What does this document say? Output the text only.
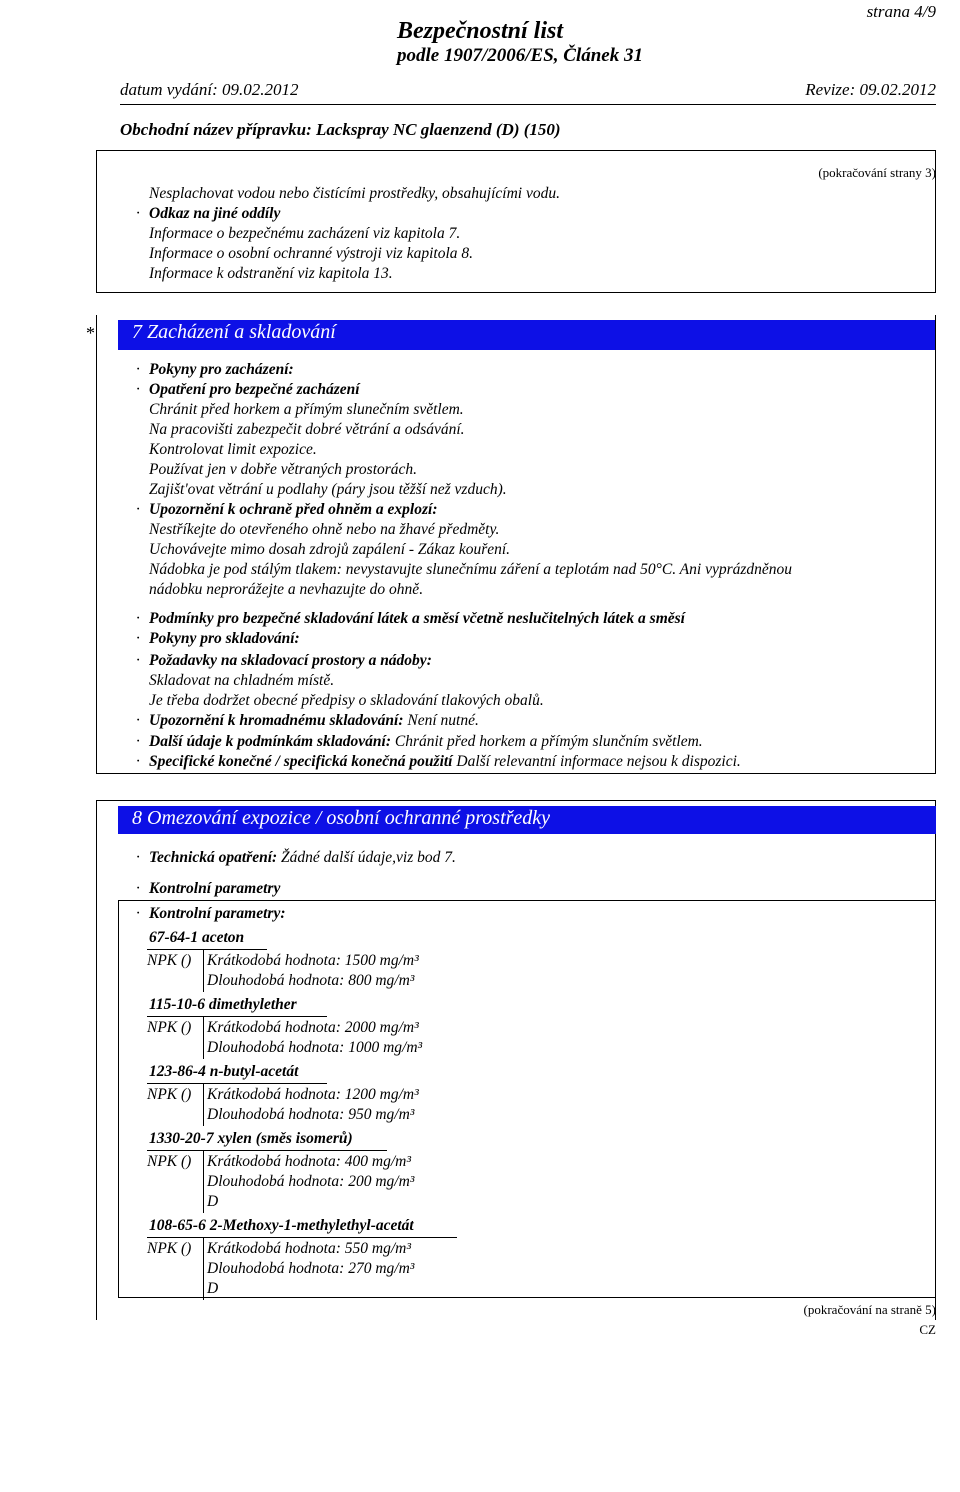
strana 4/9
Bezpečnostní list
podle 1907/2006/ES, Článek 31
datum vydání: 09.02.2012	Revize: 09.02.2012
Obchodní název přípravku: Lackspray NC glaenzend (D) (150)
(pokračování strany 3)
Nesplachovat vodou nebo čistícími prostředky, obsahujícími vodu.
· Odkaz na jiné oddíly
Informace o bezpečnému zacházení viz kapitola 7.
Informace o osobní ochranné výstroji viz kapitola 8.
Informace k odstranění viz kapitola 13.
*	7 Zacházení a skladování
· Pokyny pro zacházení:
· Opatření pro bezpečné zacházení
Chránit před horkem a přímým slunečním světlem.
Na pracovišti zabezpečit dobré větrání a odsávání.
Kontrolovat limit expozice.
Používat jen v dobře větraných prostorách.
Zajišt'ovat větrání u podlahy (páry jsou těžší než vzduch).
· Upozornění k ochraně před ohněm a explozí:
Nestříkejte do otevřeného ohně nebo na žhavé předměty.
Uchovávejte mimo dosah zdrojů zapálení - Zákaz kouření.
Nádobka je pod stálým tlakem: nevystavujte slunečnímu záření a teplotám nad 50°C. Ani vyprázdněnou
nádobku neprorážejte a nevhazujte do ohně.
· Podmínky pro bezpečné skladování látek a směsí včetně neslučitelných látek a směsí
· Pokyny pro skladování:
· Požadavky na skladovací prostory a nádoby:
Skladovat na chladném místě.
Je třeba dodržet obecné předpisy o skladování tlakových obalů.
· Upozornění k hromadnému skladování: Není nutné.
· Další údaje k podmínkám skladování: Chránit před horkem a přímým slunčním světlem.
· Specifické konečné / specifická konečná použití Další relevantní informace nejsou k dispozici.
8 Omezování expozice / osobní ochranné prostředky
· Technická opatření: Žádné další údaje,viz bod 7.
· Kontrolní parametry
· Kontrolní parametry:
67-64-1 aceton
NPK () Krátkodobá hodnota: 1500 mg/m³
Dlouhodobá hodnota: 800 mg/m³
115-10-6 dimethylether
NPK () Krátkodobá hodnota: 2000 mg/m³
Dlouhodobá hodnota: 1000 mg/m³
123-86-4 n-butyl-acetát
NPK () Krátkodobá hodnota: 1200 mg/m³
Dlouhodobá hodnota: 950 mg/m³
1330-20-7 xylen (směs isomerů)
NPK () Krátkodobá hodnota: 400 mg/m³
Dlouhodobá hodnota: 200 mg/m³
D
108-65-6 2-Methoxy-1-methylethyl-acetát
NPK () Krátkodobá hodnota: 550 mg/m³
Dlouhodobá hodnota: 270 mg/m³
D
(pokračování na straně 5)
CZ
